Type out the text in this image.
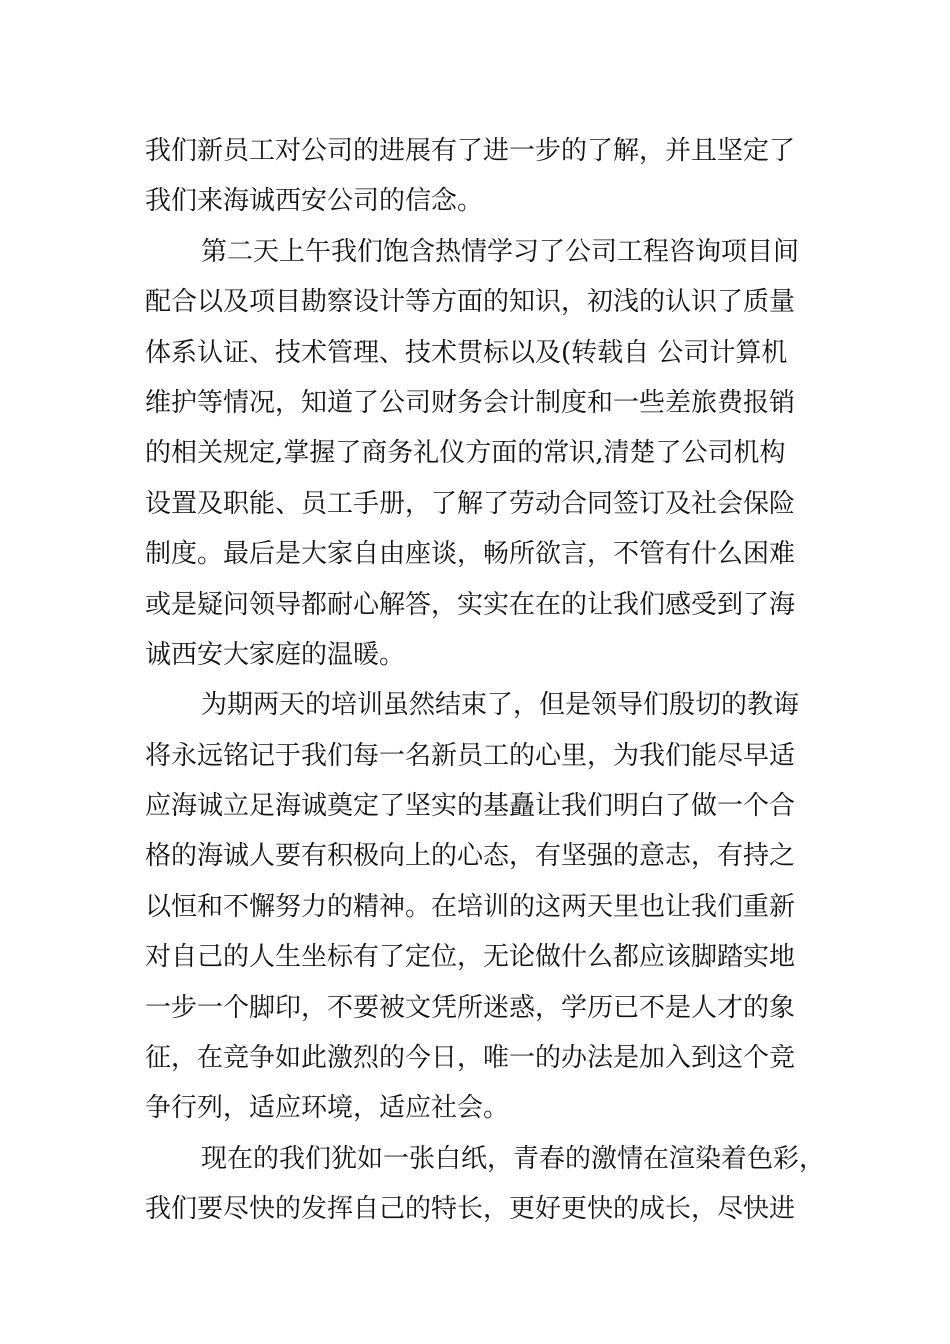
我们新员工对公司的进展有了进一步的了解，并且坚定了
我们来海诚西安公司的信念。
第二天上午我们饱含热情学习了公司工程咨询项目间
配合以及项目勘察设计等方面的知识，初浅的认识了质量
体系认证、技术管理、技术贯标以及(转载自 公司计算机
维护等情况，知道了公司财务会计制度和一些差旅费报销
的相关规定,掌握了商务礼仪方面的常识,清楚了公司机构
设置及职能、员工手册，了解了劳动合同签订及社会保险
制度。最后是大家自由座谈，畅所欲言，不管有什么困难
或是疑问领导都耐心解答，实实在在的让我们感受到了海
诚西安大家庭的温暖。
为期两天的培训虽然结束了，但是领导们殷切的教诲
将永远铭记于我们每一名新员工的心里，为我们能尽早适
应海诚立足海诚奠定了坚实的基矗让我们明白了做一个合
格的海诚人要有积极向上的心态，有坚强的意志，有持之
以恒和不懈努力的精神。在培训的这两天里也让我们重新
对自己的人生坐标有了定位，无论做什么都应该脚踏实地
一步一个脚印，不要被文凭所迷惑，学历已不是人才的象
征，在竞争如此激烈的今日，唯一的办法是加入到这个竞
争行列，适应环境，适应社会。
现在的我们犹如一张白纸，青春的激情在渲染着色彩，
我们要尽快的发挥自己的特长，更好更快的成长，尽快进
